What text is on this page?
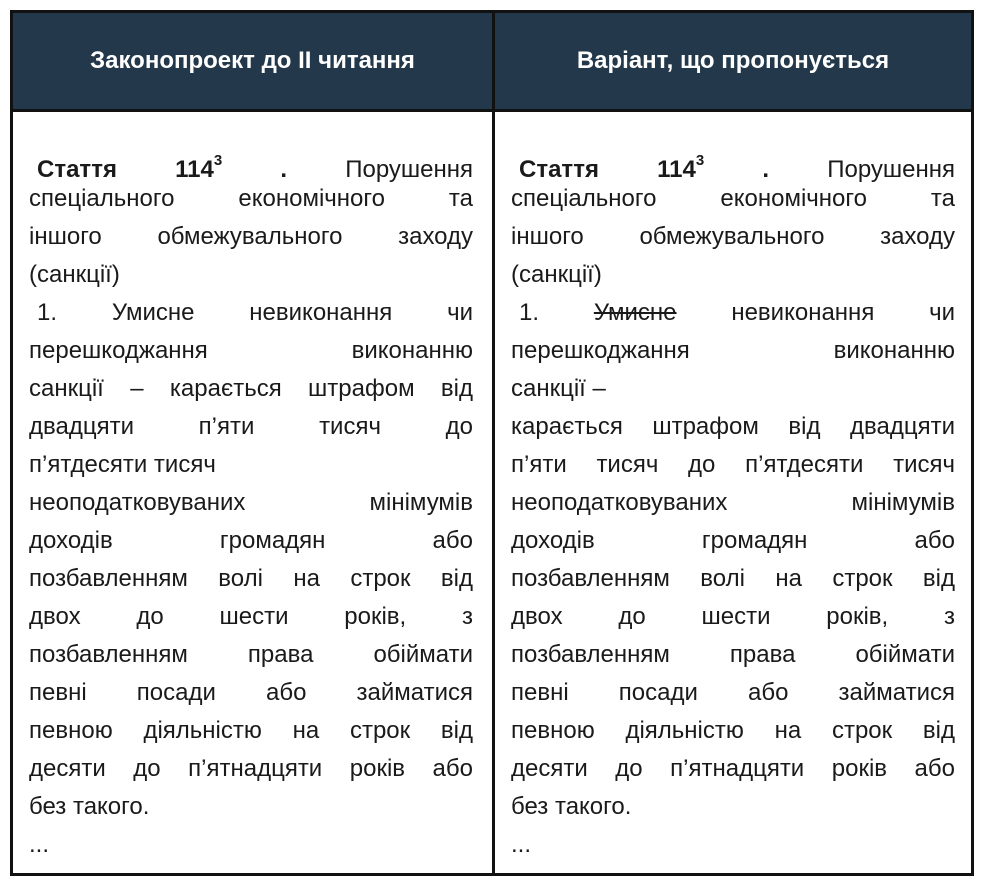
Законопроект до ІІ читання	Варіант, що пропонується
Стаття $114^3$ . Порушення
спеціального економічного та
іншого обмежувального заходу
(санкції)
1. Умисне невиконання чи
перешкоджання виконанню
санкції – карається штрафом від
двадцяти п’яти тисяч до
п’ятдесяти тисяч
неоподатковуваних мінімумів
доходів громадян або
позбавленням волі на строк від
двох до шести років, з
позбавленням права обіймати
певні посади або займатися
певною діяльністю на строк від
десяти до п’ятнадцяти років або
без такого.
...
Стаття $114^3$ . Порушення
спеціального економічного та
іншого обмежувального заходу
(санкції)
1. Умисне невиконання чи
перешкоджання виконанню
санкції –
карається штрафом від двадцяти
п’яти тисяч до п’ятдесяти тисяч
неоподатковуваних мінімумів
доходів громадян або
позбавленням волі на строк від
двох до шести років, з
позбавленням права обіймати
певні посади або займатися
певною діяльністю на строк від
десяти до п’ятнадцяти років або
без такого.
...
